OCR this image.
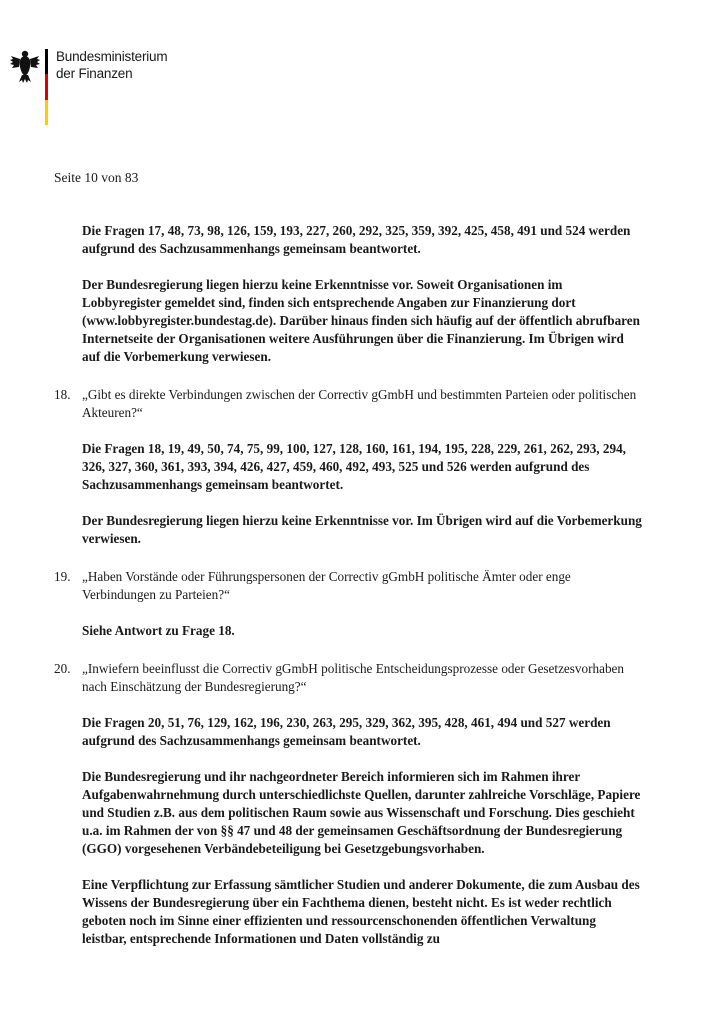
Bundesministerium
der Finanzen
Seite 10 von 83

Die Fragen 17, 48, 73, 98, 126, 159, 193, 227, 260, 292, 325, 359, 392, 425, 458, 491 und 524 werden aufgrund des Sachzusammenhangs gemeinsam beantwortet.

Der Bundesregierung liegen hierzu keine Erkenntnisse vor. Soweit Organisationen im Lobbyregister gemeldet sind, finden sich entsprechende Angaben zur Finanzierung dort (www.lobbyregister.bundestag.de). Darüber hinaus finden sich häufig auf der öffentlich abrufbaren Internetseite der Organisationen weitere Ausführungen über die Finanzierung. Im Übrigen wird auf die Vorbemerkung verwiesen.

18. „Gibt es direkte Verbindungen zwischen der Correctiv gGmbH und bestimmten Parteien oder politischen Akteuren?“

Die Fragen 18, 19, 49, 50, 74, 75, 99, 100, 127, 128, 160, 161, 194, 195, 228, 229, 261, 262, 293, 294, 326, 327, 360, 361, 393, 394, 426, 427, 459, 460, 492, 493, 525 und 526 werden aufgrund des Sachzusammenhangs gemeinsam beantwortet.

Der Bundesregierung liegen hierzu keine Erkenntnisse vor. Im Übrigen wird auf die Vorbemerkung verwiesen.

19. „Haben Vorstände oder Führungspersonen der Correctiv gGmbH politische Ämter oder enge Verbindungen zu Parteien?“

Siehe Antwort zu Frage 18.

20. „Inwiefern beeinflusst die Correctiv gGmbH politische Entscheidungsprozesse oder Gesetzesvorhaben nach Einschätzung der Bundesregierung?“

Die Fragen 20, 51, 76, 129, 162, 196, 230, 263, 295, 329, 362, 395, 428, 461, 494 und 527 werden aufgrund des Sachzusammenhangs gemeinsam beantwortet.

Die Bundesregierung und ihr nachgeordneter Bereich informieren sich im Rahmen ihrer Aufgabenwahrnehmung durch unterschiedlichste Quellen, darunter zahlreiche Vorschläge, Papiere und Studien z.B. aus dem politischen Raum sowie aus Wissenschaft und Forschung. Dies geschieht u.a. im Rahmen der von §§ 47 und 48 der gemeinsamen Geschäftsordnung der Bundesregierung (GGO) vorgesehenen Verbändebeteiligung bei Gesetzgebungsvorhaben.

Eine Verpflichtung zur Erfassung sämtlicher Studien und anderer Dokumente, die zum Ausbau des Wissens der Bundesregierung über ein Fachthema dienen, besteht nicht. Es ist weder rechtlich geboten noch im Sinne einer effizienten und ressourcenschonenden öffentlichen Verwaltung leistbar, entsprechende Informationen und Daten vollständig zu
